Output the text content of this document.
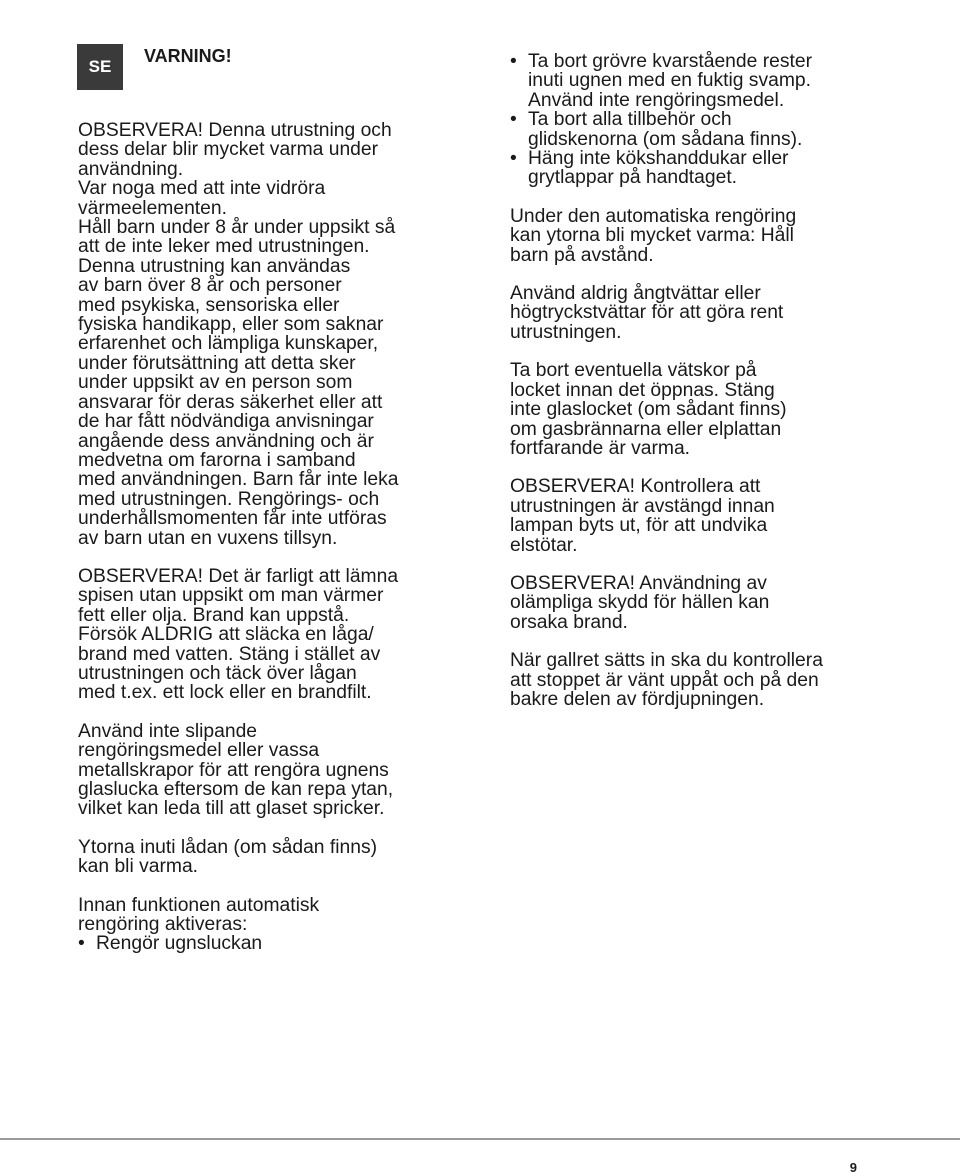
SE
VARNING!

OBSERVERA! Denna utrustning och
dess delar blir mycket varma under
användning.
Var noga med att inte vidröra
värmeelementen.
Håll barn under 8 år under uppsikt så
att de inte leker med utrustningen.
Denna utrustning kan användas
av barn över 8 år och personer
med psykiska, sensoriska eller
fysiska handikapp, eller som saknar
erfarenhet och lämpliga kunskaper,
under förutsättning att detta sker
under uppsikt av en person som
ansvarar för deras säkerhet eller att
de har fått nödvändiga anvisningar
angående dess användning och är
medvetna om farorna i samband
med användningen. Barn får inte leka
med utrustningen. Rengörings- och
underhållsmomenten får inte utföras
av barn utan en vuxens tillsyn.

OBSERVERA! Det är farligt att lämna
spisen utan uppsikt om man värmer
fett eller olja. Brand kan uppstå.
Försök ALDRIG att släcka en låga/
brand med vatten. Stäng i stället av
utrustningen och täck över lågan
med t.ex. ett lock eller en brandfilt.

Använd inte slipande
rengöringsmedel eller vassa
metallskrapor för att rengöra ugnens
glaslucka eftersom de kan repa ytan,
vilket kan leda till att glaset spricker.

Ytorna inuti lådan (om sådan finns)
kan bli varma.

Innan funktionen automatisk
rengöring aktiveras:

• Rengör ugnsluckan
• Ta bort grövre kvarstående rester
inuti ugnen med en fuktig svamp.
Använd inte rengöringsmedel.
• Ta bort alla tillbehör och
glidskenorna (om sådana finns).
• Häng inte kökshanddukar eller
grytlappar på handtaget.

Under den automatiska rengöring
kan ytorna bli mycket varma: Håll
barn på avstånd.

Använd aldrig ångtvättar eller
högtryckstvättar för att göra rent
utrustningen.

Ta bort eventuella vätskor på
locket innan det öppnas. Stäng
inte glaslocket (om sådant finns)
om gasbrännarna eller elplattan
fortfarande är varma.

OBSERVERA! Kontrollera att
utrustningen är avstängd innan
lampan byts ut, för att undvika
elstötar.

OBSERVERA! Användning av
olämpliga skydd för hällen kan
orsaka brand.

När gallret sätts in ska du kontrollera
att stoppet är vänt uppåt och på den
bakre delen av fördjupningen.

9
